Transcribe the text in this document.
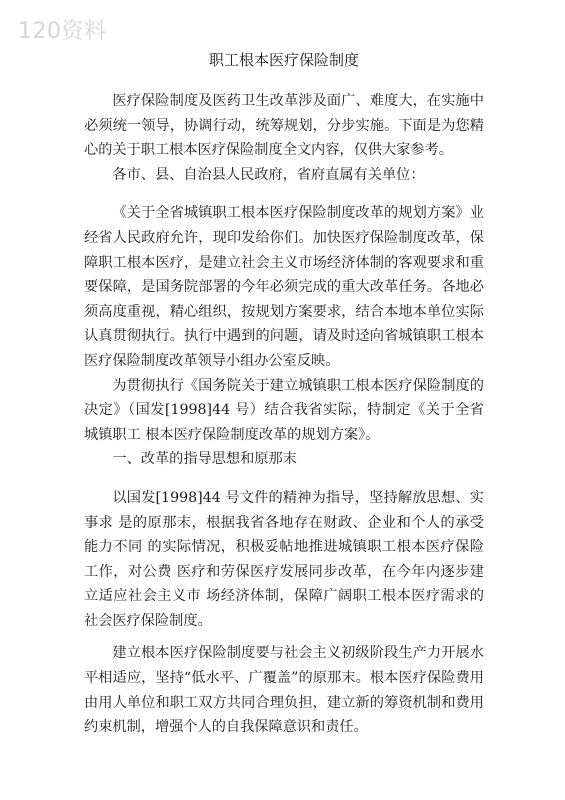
120资料
职工根本医疗保险制度

医疗保险制度及医药卫生改革涉及面广、难度大，在实施中必须统一领导，协调行动，统筹规划，分步实施。下面是为您精心的关于职工根本医疗保险制度全文内容，仅供大家参考。

各市、县、自治县人民政府，省府直属有关单位：

《关于全省城镇职工根本医疗保险制度改革的规划方案》业经省人民政府允许，现印发给你们。加快医疗保险制度改革，保障职工根本医疗，是建立社会主义市场经济体制的客观要求和重要保障，是国务院部署的今年必须完成的重大改革任务。各地必须高度重视，精心组织，按规划方案要求，结合本地本单位实际认真贯彻执行。执行中遇到的问题，请及时迳向省城镇职工根本医疗保险制度改革领导小组办公室反映。

为贯彻执行《国务院关于建立城镇职工根本医疗保险制度的决定》（国发[1998]44 号）结合我省实际，特制定《关于全省城镇职工 根本医疗保险制度改革的规划方案》。

一、改革的指导思想和原那末

以国发[1998]44 号文件的精神为指导，坚持解放思想、实事求 是的原那末，根据我省各地存在财政、企业和个人的承受能力不同 的实际情况，积极妥帖地推进城镇职工根本医疗保险工作，对公费 医疗和劳保医疗发展同步改革，在今年内逐步建立适应社会主义市 场经济体制，保障广阔职工根本医疗需求的社会医疗保险制度。

建立根本医疗保险制度要与社会主义初级阶段生产力开展水平相适应，坚持“低水平、广覆盖”的原那末。根本医疗保险费用由用人单位和职工双方共同合理负担，建立新的筹资机制和费用约束机制，增强个人的自我保障意识和责任。
